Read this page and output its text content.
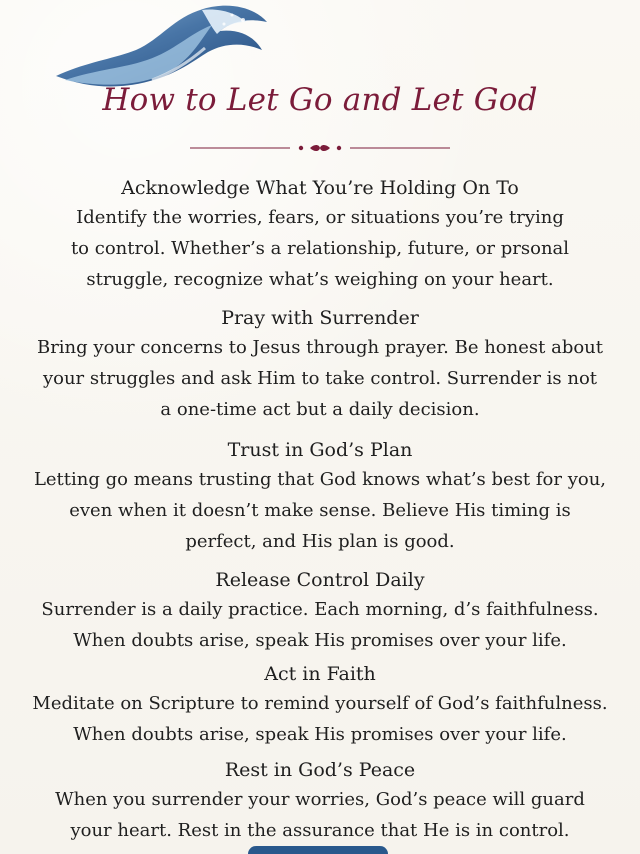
How to Let Go and Let God
Acknowledge What You’re Holding On To
Identify the worries, fears, or situations you’re trying
to control. Whether’s a relationship, future, or prsonal
struggle, recognize what’s weighing on your heart.
Pray with Surrender
Bring your concerns to Jesus through prayer. Be honest about
your struggles and ask Him to take control. Surrender is not
a one-time act but a daily decision.
Trust in God’s Plan
Letting go means trusting that God knows what’s best for you,
even when it doesn’t make sense. Believe His timing is
perfect, and His plan is good.
Release Control Daily
Surrender is a daily practice. Each morning, d’s faithfulness.
When doubts arise, speak His promises over your life.
Act in Faith
Meditate on Scripture to remind yourself of God’s faithfulness.
When doubts arise, speak His promises over your life.
Rest in God’s Peace
When you surrender your worries, God’s peace will guard
your heart. Rest in the assurance that He is in control.
